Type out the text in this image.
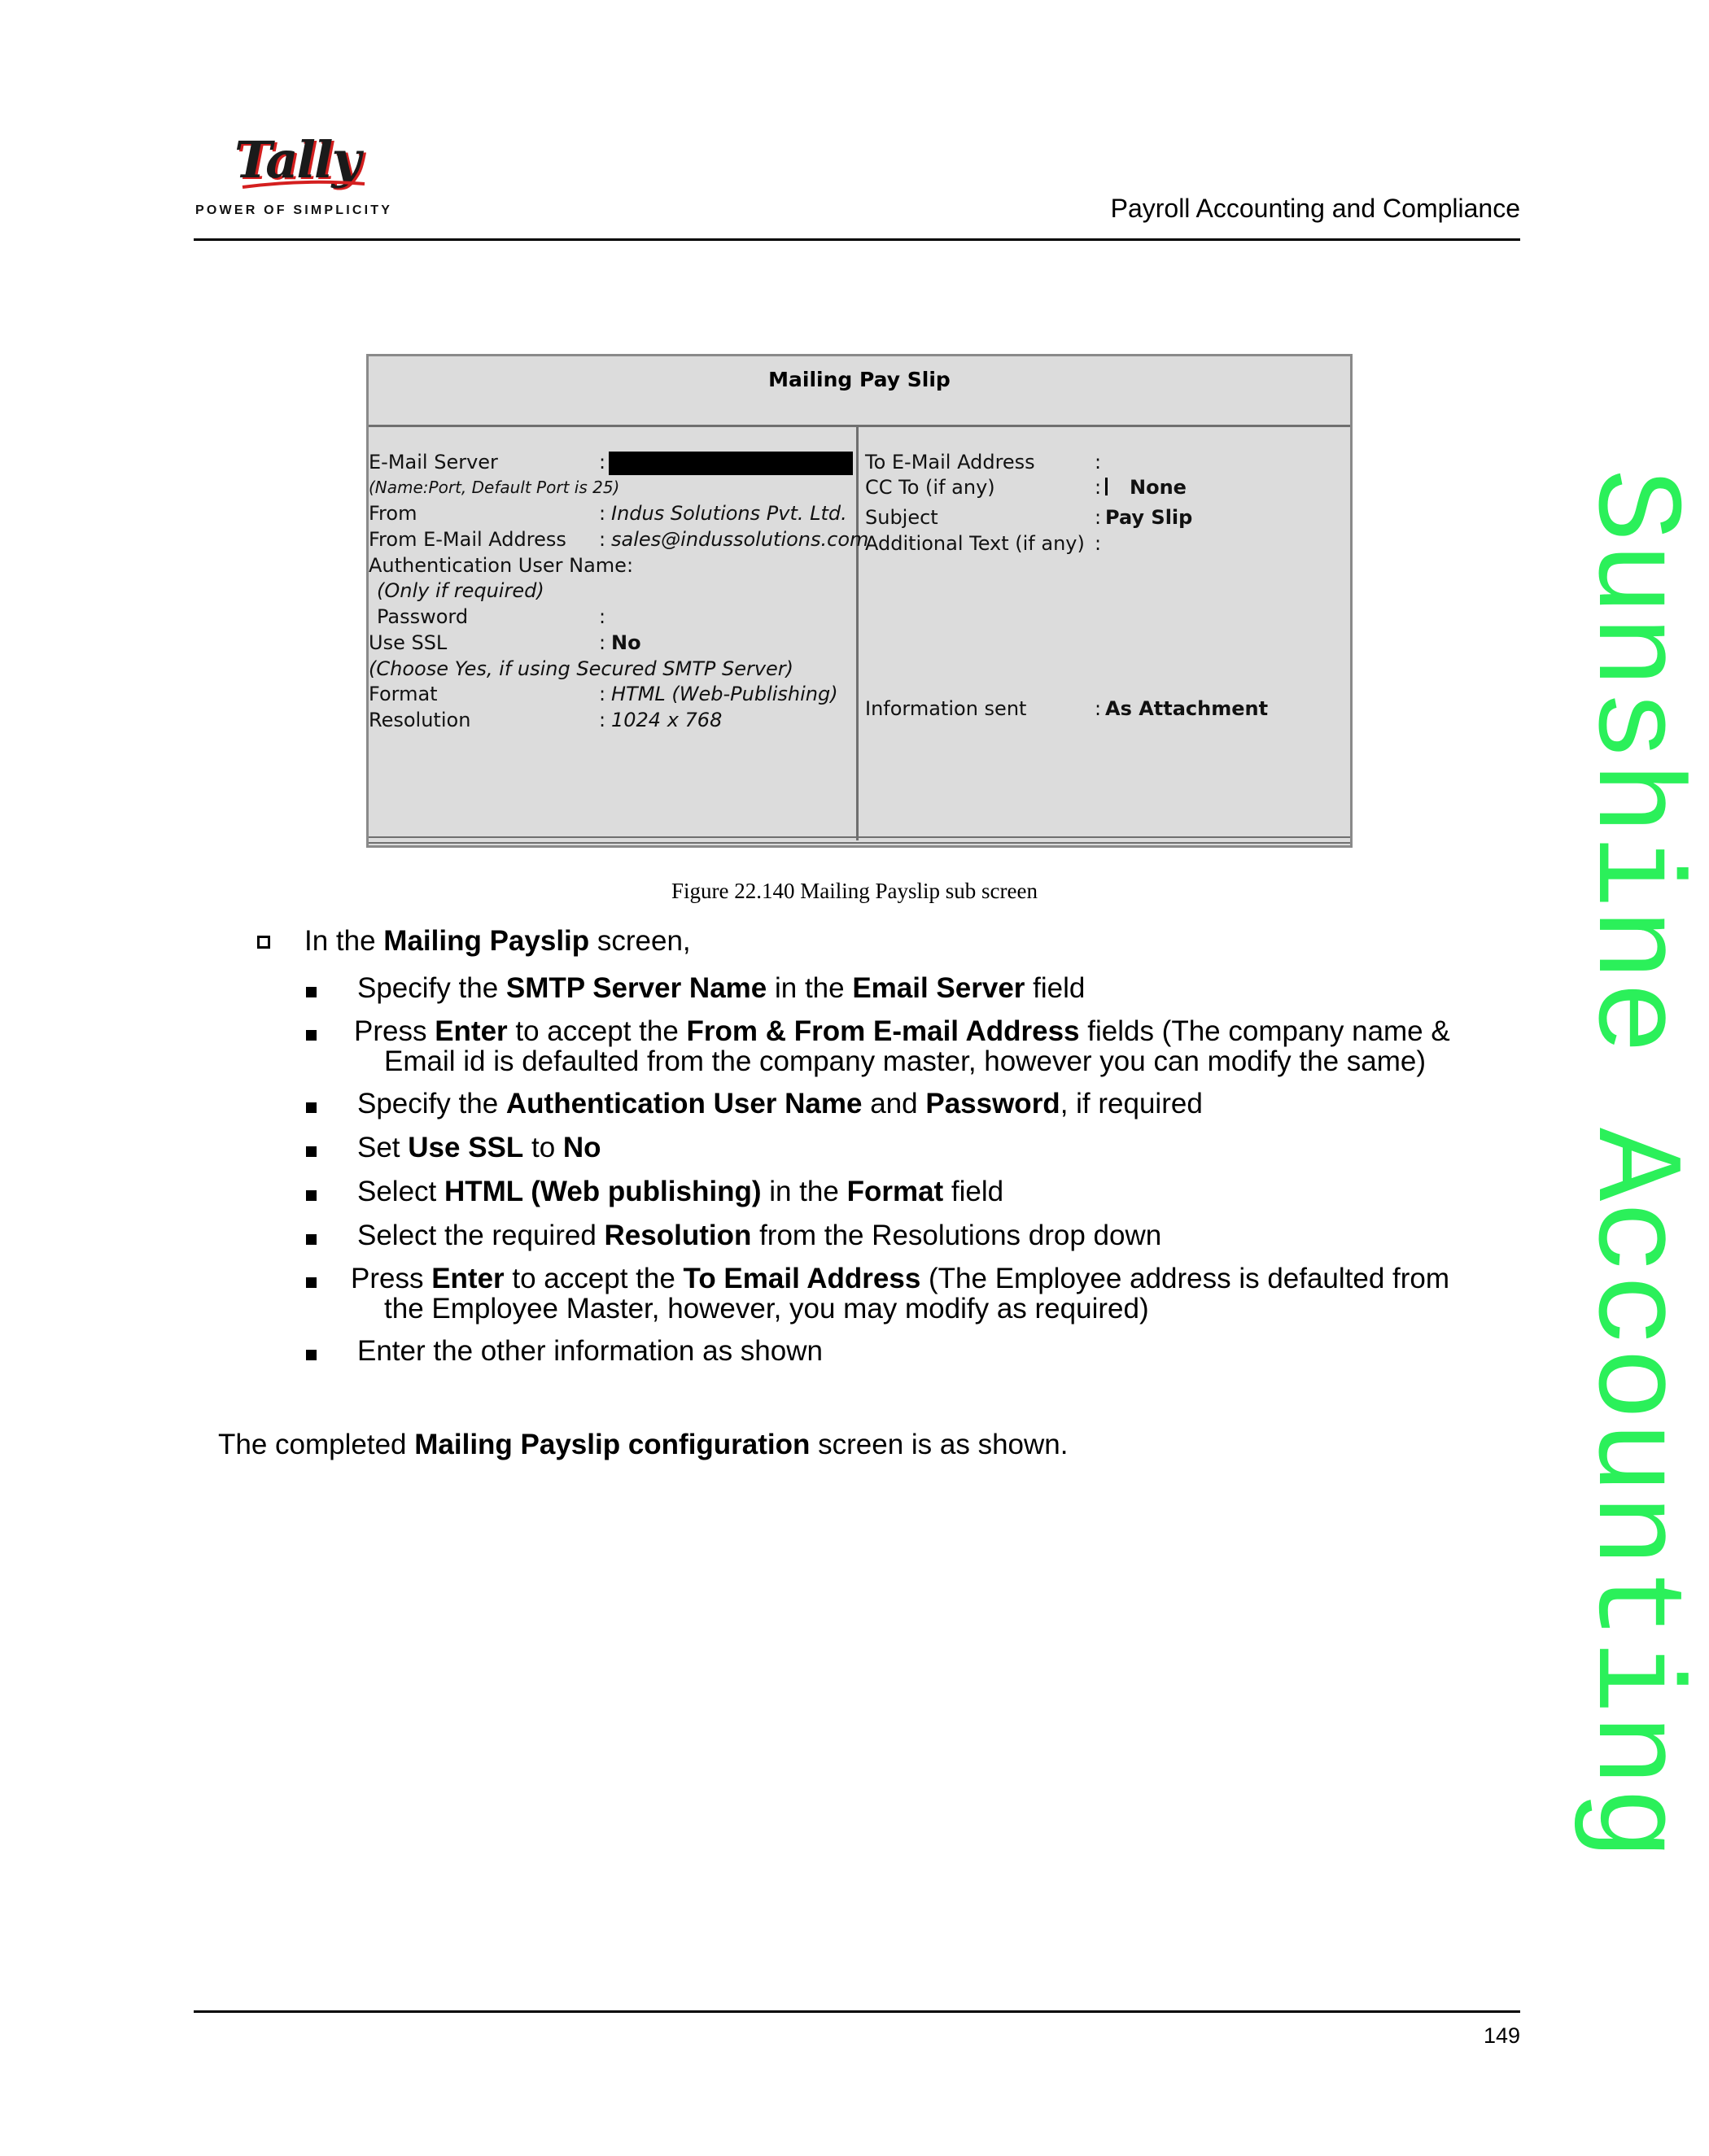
Tally
POWER OF SIMPLICITY	Payroll Accounting and Compliance
Sunshine Accounting
Mailing Pay Slip
E-Mail Server	:
(Name:Port, Default Port is 25)
From	: Indus Solutions Pvt. Ltd.
From E-Mail Address : sales@indussolutions.com
Authentication User Name:
(Only if required)
Password	:
Use SSL	: No
(Choose Yes, if using Secured SMTP Server)
Format	: HTML (Web-Publishing)
Resolution	: 1024 x 768
To E-Mail Address	:
CC To (if any)	: None
Subject	: Pay Slip
Additional Text (if any) :
Information sent	: As Attachment
Figure 22.140 Mailing Payslip sub screen
In the Mailing Payslip screen,
Specify the SMTP Server Name in the Email Server field
Press Enter to accept the From & From E-mail Address fields (The company name &
Email id is defaulted from the company master, however you can modify the same)
Specify the Authentication User Name and Password, if required
Set Use SSL to No
Select HTML (Web publishing) in the Format field
Select the required Resolution from the Resolutions drop down
Press Enter to accept the To Email Address (The Employee address is defaulted from
the Employee Master, however, you may modify as required)
Enter the other information as shown
The completed Mailing Payslip configuration screen is as shown.
149
